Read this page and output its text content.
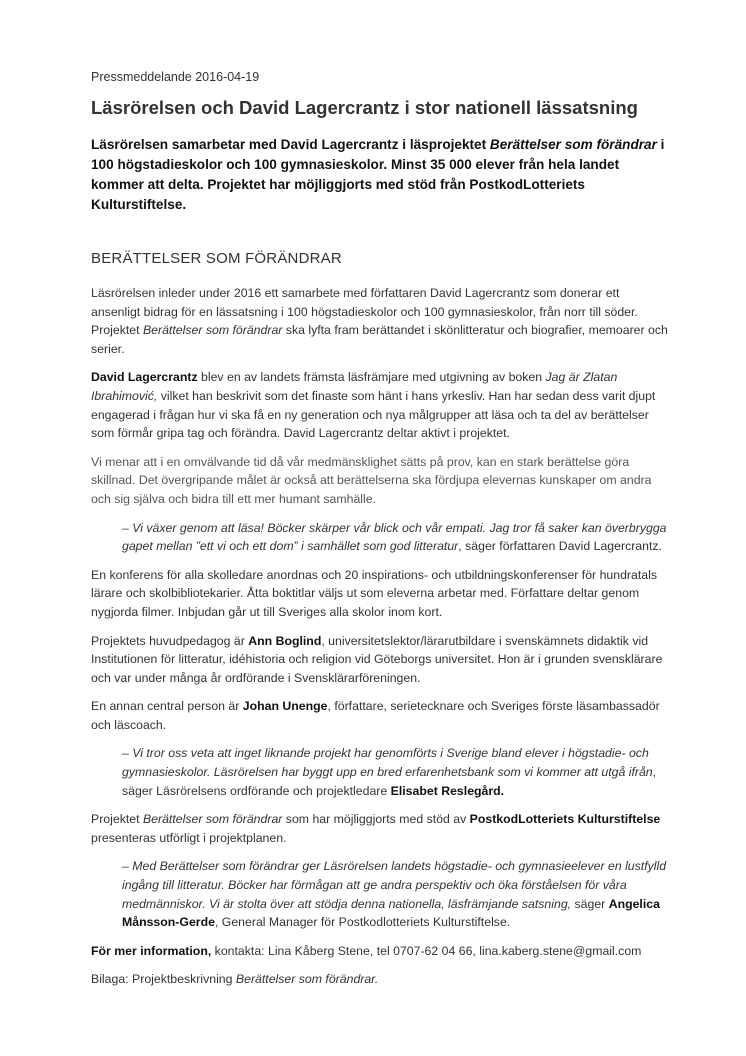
Pressmeddelande 2016-04-19
Läsrörelsen och David Lagercrantz i stor nationell lässatsning
Läsrörelsen samarbetar med David Lagercrantz i läsprojektet Berättelser som förändrar i 100 högstadieskolor och 100 gymnasieskolor. Minst 35 000 elever från hela landet kommer att delta. Projektet har möjliggjorts med stöd från PostkodLotteriets Kulturstiftelse.
BERÄTTELSER SOM FÖRÄNDRAR

Läsrörelsen inleder under 2016 ett samarbete med författaren David Lagercrantz som donerar ett ansenligt bidrag för en lässatsning i 100 högstadieskolor och 100 gymnasieskolor, från norr till söder. Projektet Berättelser som förändrar ska lyfta fram berättandet i skönlitteratur och biografier, memoarer och serier.

David Lagercrantz blev en av landets främsta läsfrämjare med utgivning av boken Jag är Zlatan Ibrahimović, vilket han beskrivit som det finaste som hänt i hans yrkesliv. Han har sedan dess varit djupt engagerad i frågan hur vi ska få en ny generation och nya målgrupper att läsa och ta del av berättelser som förmår gripa tag och förändra. David Lagercrantz deltar aktivt i projektet.

Vi menar att i en omvälvande tid då vår medmänsklighet sätts på prov, kan en stark berättelse göra skillnad. Det övergripande målet är också att berättelserna ska fördjupa elevernas kunskaper om andra och sig själva och bidra till ett mer humant samhälle.

– Vi växer genom att läsa! Böcker skärper vår blick och vår empati. Jag tror få saker kan överbrygga gapet mellan ”ett vi och ett dom” i samhället som god litteratur, säger författaren David Lagercrantz.

En konferens för alla skolledare anordnas och 20 inspirations- och utbildningskonferenser för hundratals lärare och skolbibliotekarier. Åtta boktitlar väljs ut som eleverna arbetar med. Författare deltar genom nygjorda filmer. Inbjudan går ut till Sveriges alla skolor inom kort.

Projektets huvudpedagog är Ann Boglind, universitetslektor/lärarutbildare i svenskämnets didaktik vid Institutionen för litteratur, idéhistoria och religion vid Göteborgs universitet. Hon är i grunden svensklärare och var under många år ordförande i Svensklärarföreningen.

En annan central person är Johan Unenge, författare, serietecknare och Sveriges förste läsambassadör och läscoach.

– Vi tror oss veta att inget liknande projekt har genomförts i Sverige bland elever i högstadie- och gymnasieskolor. Läsrörelsen har byggt upp en bred erfarenhetsbank som vi kommer att utgå ifrån, säger Läsrörelsens ordförande och projektledare Elisabet Reslegård.

Projektet Berättelser som förändrar som har möjliggjorts med stöd av PostkodLotteriets Kulturstiftelse presenteras utförligt i projektplanen.

– Med Berättelser som förändrar ger Läsrörelsen landets högstadie- och gymnasieelever en lustfylld ingång till litteratur. Böcker har förmågan att ge andra perspektiv och öka förståelsen för våra medmänniskor. Vi är stolta över att stödja denna nationella, läsfrämjande satsning, säger Angelica Månsson-Gerde, General Manager för Postkodlotteriets Kulturstiftelse.

För mer information, kontakta: Lina Kåberg Stene, tel 0707-62 04 66, lina.kaberg.stene@gmail.com

Bilaga: Projektbeskrivning Berättelser som förändrar.
